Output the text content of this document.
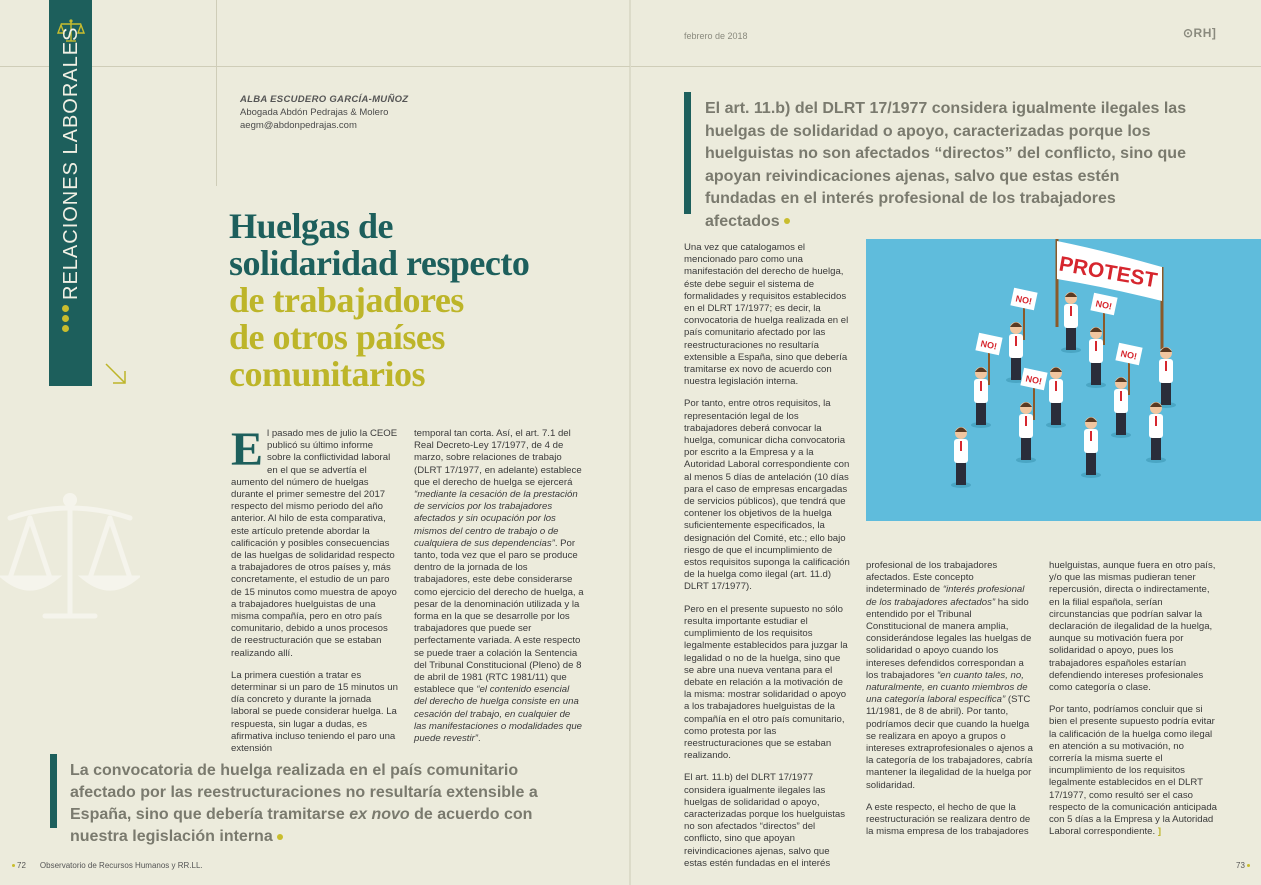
RELACIONES LABORALES	ALBA ESCUDERO GARCÍA-MUÑOZ
Abogada Abdón Pedrajas & Molero
aegm@abdonpedrajas.com
Huelgas de
solidaridad respecto
de trabajadores
de otros países
comunitarios

El pasado mes de julio la CEOE publicó su último informe sobre la conflictividad laboral en el que se advertía el aumento del número de huelgas durante el primer semestre del 2017 respecto del mismo periodo del año anterior. Al hilo de esta comparativa, este artículo pretende abordar la calificación y posibles consecuencias de las huelgas de solidaridad respecto a trabajadores de otros países y, más concretamente, el estudio de un paro de 15 minutos como muestra de apoyo a trabajadores huelguistas de una misma compañía, pero en otro país comunitario, debido a unos procesos de reestructuración que se estaban realizando allí.

La primera cuestión a tratar es determinar si un paro de 15 minutos un día concreto y durante la jornada laboral se puede considerar huelga. La respuesta, sin lugar a dudas, es afirmativa incluso teniendo el paro una extensión

temporal tan corta. Así, el art. 7.1 del Real Decreto-Ley 17/1977, de 4 de marzo, sobre relaciones de trabajo (DLRT 17/1977, en adelante) establece que el derecho de huelga se ejercerá “mediante la cesación de la prestación de servicios por los trabajadores afectados y sin ocupación por los mismos del centro de trabajo o de cualquiera de sus dependencias”. Por tanto, toda vez que el paro se produce dentro de la jornada de los trabajadores, este debe considerarse como ejercicio del derecho de huelga, a pesar de la denominación utilizada y la forma en la que se desarrolle por los trabajadores que puede ser perfectamente variada. A este respecto se puede traer a colación la Sentencia del Tribunal Constitucional (Pleno) de 8 de abril de 1981 (RTC 1981/11) que establece que “el contenido esencial del derecho de huelga consiste en una cesación del trabajo, en cualquier de las manifestaciones o modalidades que puede revestir”.

La convocatoria de huelga realizada en el país comunitario afectado por las reestructuraciones no resultaría extensible a España, sino que debería tramitarse ex novo de acuerdo con nuestra legislación interna
febrero de 2018	⊙RH]
El art. 11.b) del DLRT 17/1977 considera igualmente ilegales las huelgas de solidaridad o apoyo, caracterizadas porque los huelguistas no son afectados “directos” del conflicto, sino que apoyan reivindicaciones ajenas, salvo que estas estén fundadas en el interés profesional de los trabajadores afectados

Una vez que catalogamos el mencionado paro como una manifestación del derecho de huelga, éste debe seguir el sistema de formalidades y requisitos establecidos en el DLRT 17/1977; es decir, la convocatoria de huelga realizada en el país comunitario afectado por las reestructuraciones no resultaría extensible a España, sino que debería tramitarse ex novo de acuerdo con nuestra legislación interna.

Por tanto, entre otros requisitos, la representación legal de los trabajadores deberá convocar la huelga, comunicar dicha convocatoria por escrito a la Empresa y a la Autoridad Laboral correspondiente con al menos 5 días de antelación (10 días para el caso de empresas encargadas de servicios públicos), que tendrá que contener los objetivos de la huelga suficientemente especificados, la designación del Comité, etc.; ello bajo riesgo de que el incumplimiento de estos requisitos suponga la calificación de la huelga como ilegal (art. 11.d) DLRT 17/1977).

Pero en el presente supuesto no sólo resulta importante estudiar el cumplimiento de los requisitos legalmente establecidos para juzgar la legalidad o no de la huelga, sino que se abre una nueva ventana para el debate en relación a la motivación de la misma: mostrar solidaridad o apoyo a los trabajadores huelguistas de la compañía en el otro país comunitario, como protesta por las reestructuraciones que se estaban realizando.

El art. 11.b) del DLRT 17/1977 considera igualmente ilegales las huelgas de solidaridad o apoyo, caracterizadas porque los huelguistas no son afectados “directos” del conflicto, sino que apoyan reivindicaciones ajenas, salvo que estas estén fundadas en el interés

PROTEST
NO!	NO!
NO!
NO!
NO!

profesional de los trabajadores afectados. Este concepto indeterminado de “interés profesional de los trabajadores afectados” ha sido entendido por el Tribunal Constitucional de manera amplia, considerándose legales las huelgas de solidaridad o apoyo cuando los intereses defendidos correspondan a los trabajadores “en cuanto tales, no, naturalmente, en cuanto miembros de una categoría laboral específica” (STC 11/1981, de 8 de abril). Por tanto, podríamos decir que cuando la huelga se realizara en apoyo a grupos o intereses extraprofesionales o ajenos a la categoría de los trabajadores, cabría mantener la ilegalidad de la huelga por solidaridad.

A este respecto, el hecho de que la reestructuración se realizara dentro de la misma empresa de los trabajadores

huelguistas, aunque fuera en otro país, y/o que las mismas pudieran tener repercusión, directa o indirectamente, en la filial española, serían circunstancias que podrían salvar la declaración de ilegalidad de la huelga, aunque su motivación fuera por solidaridad o apoyo, pues los trabajadores españoles estarían defendiendo intereses profesionales como categoría o clase.

Por tanto, podríamos concluir que si bien el presente supuesto podría evitar la calificación de la huelga como ilegal en atención a su motivación, no correría la misma suerte el incumplimiento de los requisitos legalmente establecidos en el DLRT 17/1977, como resultó ser el caso respecto de la comunicación anticipada con 5 días a la Empresa y la Autoridad Laboral correspondiente. ]

72 Observatorio de Recursos Humanos y RR.LL.	73
